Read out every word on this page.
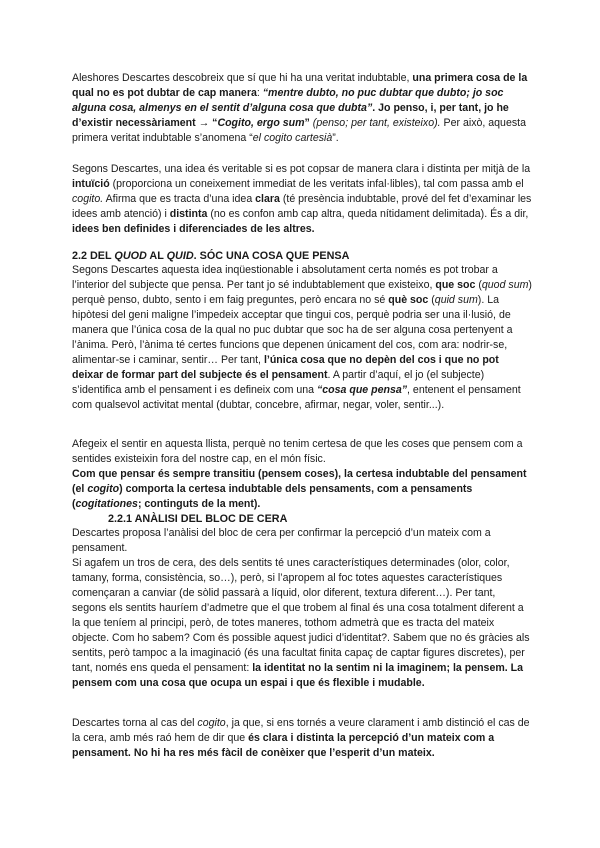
Aleshores Descartes descobreix que sí que hi ha una veritat indubtable, una primera cosa de la qual no es pot dubtar de cap manera: “mentre dubto, no puc dubtar que dubto; jo soc alguna cosa, almenys en el sentit d’alguna cosa que dubta”. Jo penso, i, per tant, jo he d’existir necessàriament → “Cogito, ergo sum” (penso; per tant, existeixo). Per això, aquesta primera veritat indubtable s’anomena “el cogito cartesià”.

Segons Descartes, una idea és veritable si es pot copsar de manera clara i distinta per mitjà de la intuïció (proporciona un coneixement immediat de les veritats infal·libles), tal com passa amb el cogito. Afirma que es tracta d’una idea clara (té presència indubtable, prové del fet d’examinar les idees amb atenció) i distinta (no es confon amb cap altra, queda nítidament delimitada). És a dir, idees ben definides i diferenciades de les altres.

2.2 DEL QUOD AL QUID. SÓC UNA COSA QUE PENSA

Segons Descartes aquesta idea inqüestionable i absolutament certa només es pot trobar a l’interior del subjecte que pensa. Per tant jo sé indubtablement que existeixo, que soc (quod sum) perquè penso, dubto, sento i em faig preguntes, però encara no sé què soc (quid sum). La hipòtesi del geni maligne l’impedeix acceptar que tingui cos, perquè podria ser una il·lusió, de manera que l’única cosa de la qual no puc dubtar que soc ha de ser alguna cosa pertenyent a l’ànima. Però, l’ànima té certes funcions que depenen únicament del cos, com ara: nodrir-se, alimentar-se i caminar, sentir… Per tant, l’única cosa que no depèn del cos i que no pot deixar de formar part del subjecte és el pensament. A partir d’aquí, el jo (el subjecte) s’identifica amb el pensament i es defineix com una “cosa que pensa”, entenent el pensament com qualsevol activitat mental (dubtar, concebre, afirmar, negar, voler, sentir...).

Afegeix el sentir en aquesta llista, perquè no tenim certesa de que les coses que pensem com a sentides existeixin fora del nostre cap, en el món físic.

Com que pensar és sempre transitiu (pensem coses), la certesa indubtable del pensament (el cogito) comporta la certesa indubtable dels pensaments, com a pensaments (cogitationes; continguts de la ment).

2.2.1 ANÀLISI DEL BLOC DE CERA

Descartes proposa l’anàlisi del bloc de cera per confirmar la percepció d’un mateix com a pensament.

Si agafem un tros de cera, des dels sentits té unes característiques determinades (olor, color, tamany, forma, consistència, so…), però, si l’apropem al foc totes aquestes característiques començaran a canviar (de sòlid passarà a líquid, olor diferent, textura diferent…). Per tant, segons els sentits hauríem d’admetre que el que trobem al final és una cosa totalment diferent a la que teníem al principi, però, de totes maneres, tothom admetrà que es tracta del mateix objecte. Com ho sabem? Com és possible aquest judici d’identitat?. Sabem que no és gràcies als sentits, però tampoc a la imaginació (és una facultat finita capaç de captar figures discretes), per tant, només ens queda el pensament: la identitat no la sentim ni la imaginem; la pensem. La pensem com una cosa que ocupa un espai i que és flexible i mudable.

Descartes torna al cas del cogito, ja que, si ens tornés a veure clarament i amb distinció el cas de la cera, amb més raó hem de dir que és clara i distinta la percepció d’un mateix com a pensament. No hi ha res més fàcil de conèixer que l’esperit d’un mateix.
